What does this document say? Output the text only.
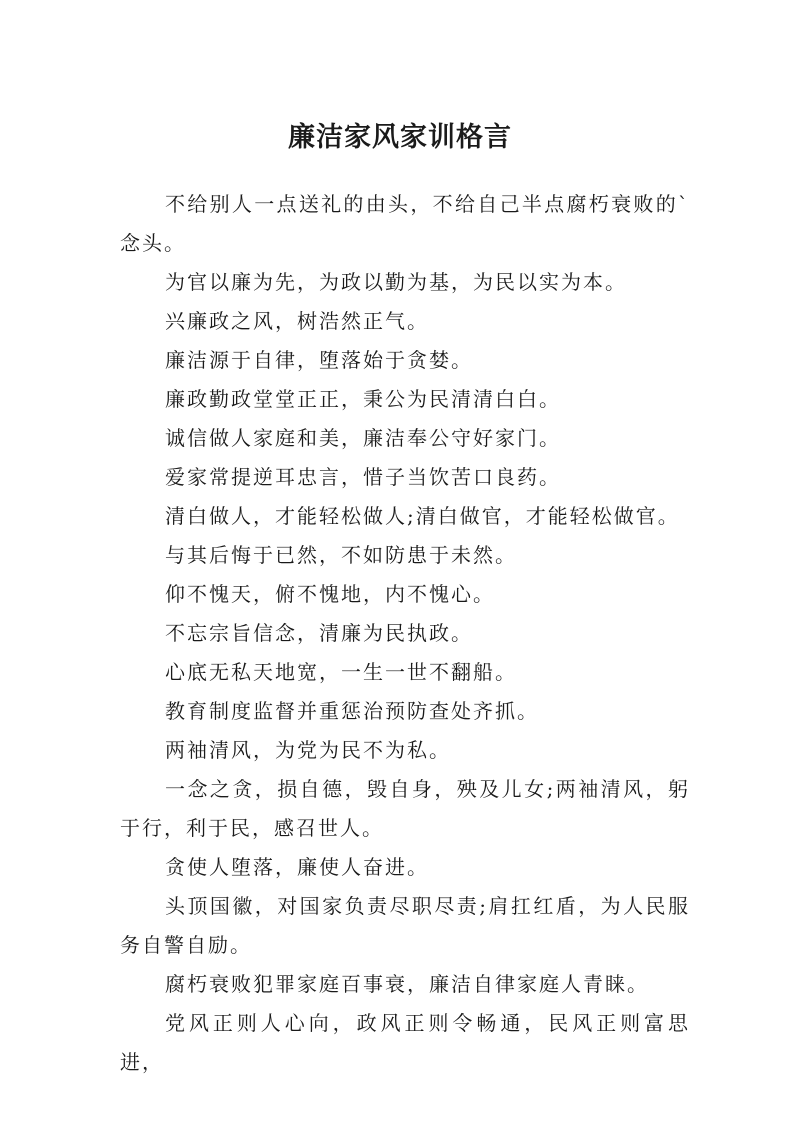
廉洁家风家训格言

不给别人一点送礼的由头，不给自己半点腐朽衰败的`念头。

为官以廉为先，为政以勤为基，为民以实为本。

兴廉政之风，树浩然正气。

廉洁源于自律，堕落始于贪婪。

廉政勤政堂堂正正，秉公为民清清白白。

诚信做人家庭和美，廉洁奉公守好家门。

爱家常提逆耳忠言，惜子当饮苦口良药。

清白做人，才能轻松做人;清白做官，才能轻松做官。

与其后悔于已然，不如防患于未然。

仰不愧天，俯不愧地，内不愧心。

不忘宗旨信念，清廉为民执政。

心底无私天地宽，一生一世不翻船。

教育制度监督并重惩治预防查处齐抓。

两袖清风，为党为民不为私。

一念之贪，损自德，毁自身，殃及儿女;两袖清风，躬于行，利于民，感召世人。

贪使人堕落，廉使人奋进。

头顶国徽，对国家负责尽职尽责;肩扛红盾，为人民服务自警自励。

腐朽衰败犯罪家庭百事衰，廉洁自律家庭人青睐。

党风正则人心向，政风正则令畅通，民风正则富思进，
